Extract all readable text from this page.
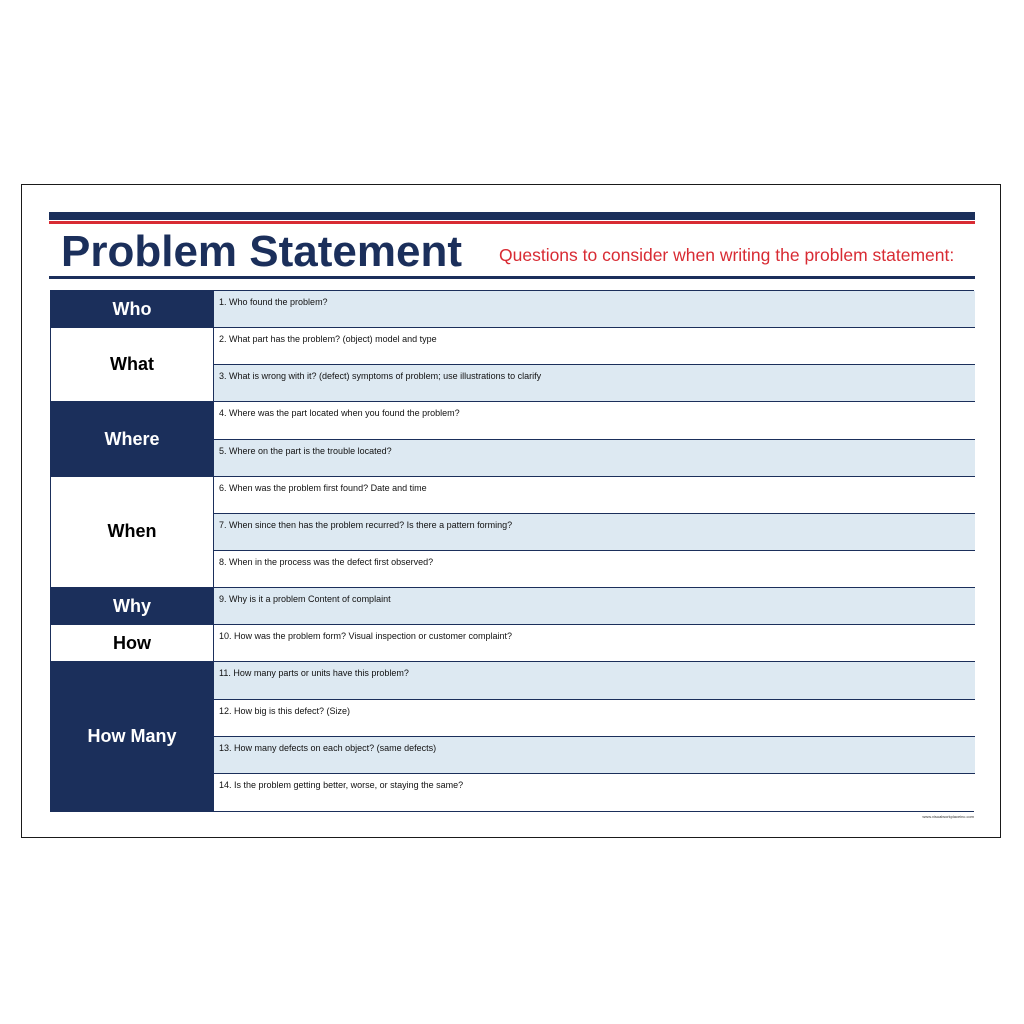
Problem Statement Questions to consider when writing the problem statement:
Who
What
Where
When
Why
How
How Many
1. Who found the problem?
2. What part has the problem? (object) model and type
3. What is wrong with it? (defect) symptoms of problem; use illustrations to clarify
4. Where was the part located when you found the problem?
5. Where on the part is the trouble located?
6. When was the problem first found? Date and time
7. When since then has the problem recurred? Is there a pattern forming?
8. When in the process was the defect first observed?
9. Why is it a problem Content of complaint
10. How was the problem form? Visual inspection or customer complaint?
11. How many parts or units have this problem?
12. How big is this defect? (Size)
13. How many defects on each object? (same defects)
14. Is the problem getting better, worse, or staying the same?
www.visualworkplaceinc.com
